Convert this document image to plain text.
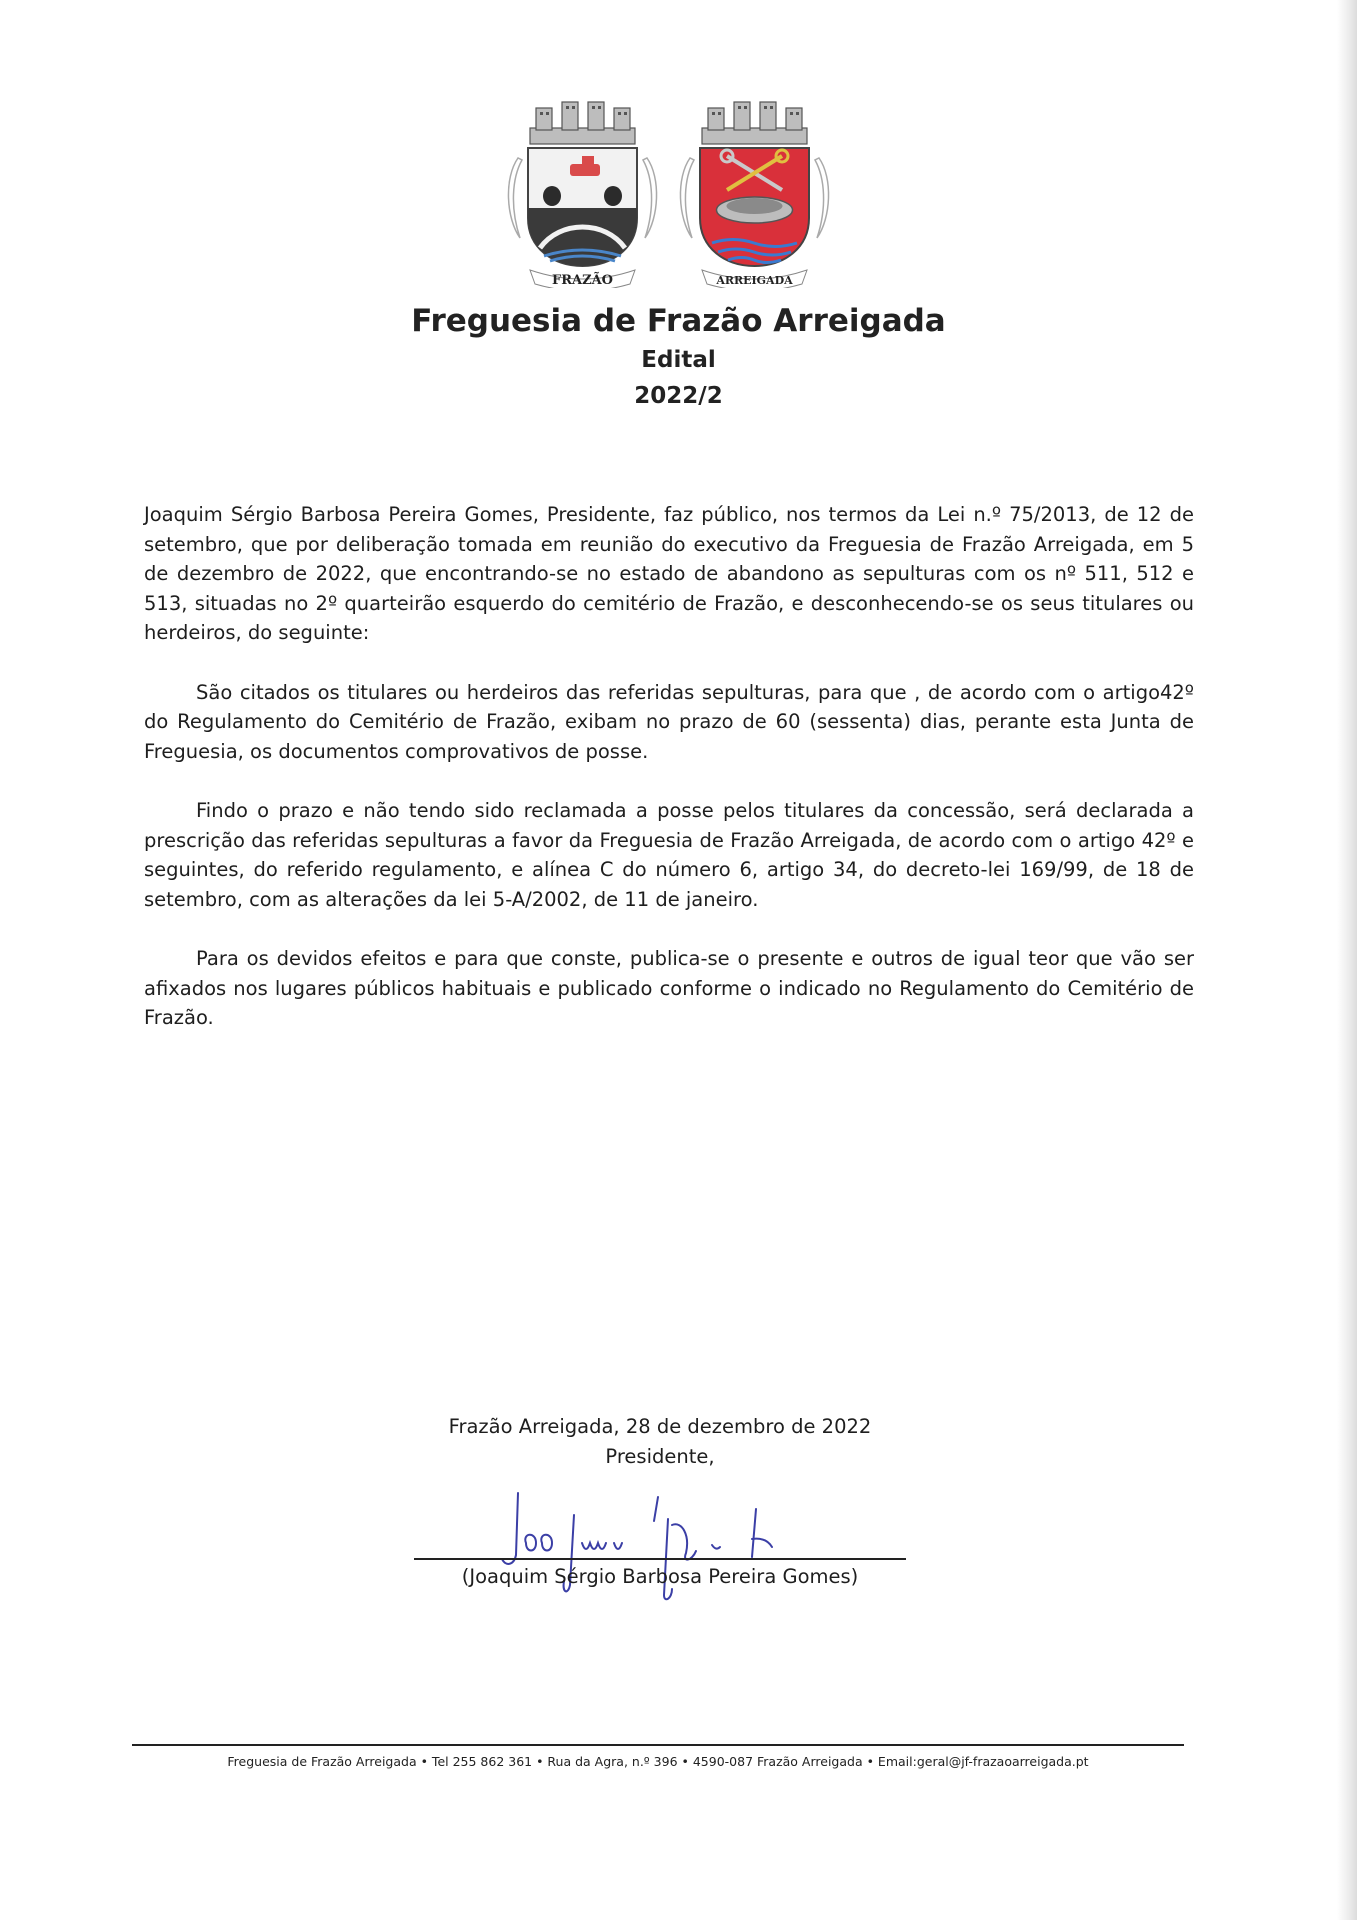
FRAZÃO	ARREIGADA

Freguesia de Frazão Arreigada

Edital

2022/2

Joaquim Sérgio Barbosa Pereira Gomes, Presidente, faz público, nos termos da Lei n.º 75/2013, de 12 de setembro, que por deliberação tomada em reunião do executivo da Freguesia de Frazão Arreigada, em 5 de dezembro de 2022, que encontrando-se no estado de abandono as sepulturas com os nº 511, 512 e 513, situadas no 2º quarteirão esquerdo do cemitério de Frazão, e desconhecendo-se os seus titulares ou herdeiros, do seguinte:

São citados os titulares ou herdeiros das referidas sepulturas, para que , de acordo com o artigo42º do Regulamento do Cemitério de Frazão, exibam no prazo de 60 (sessenta) dias, perante esta Junta de Freguesia, os documentos comprovativos de posse.

Findo o prazo e não tendo sido reclamada a posse pelos titulares da concessão, será declarada a prescrição das referidas sepulturas a favor da Freguesia de Frazão Arreigada, de acordo com o artigo 42º e seguintes, do referido regulamento, e alínea C do número 6, artigo 34, do decreto-lei 169/99, de 18 de setembro, com as alterações da lei 5-A/2002, de 11 de janeiro.

Para os devidos efeitos e para que conste, publica-se o presente e outros de igual teor que vão ser afixados nos lugares públicos habituais e publicado conforme o indicado no Regulamento do Cemitério de Frazão.

Frazão Arreigada, 28 de dezembro de 2022
Presidente,
(Joaquim Sérgio Barbosa Pereira Gomes)
Freguesia de Frazão Arreigada • Tel 255 862 361 • Rua da Agra, n.º 396 • 4590-087 Frazão Arreigada • Email:geral@jf-frazaoarreigada.pt
